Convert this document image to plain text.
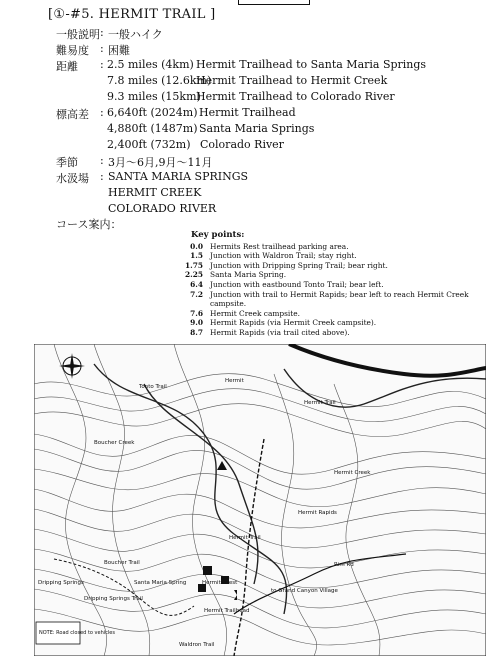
[①-#5. HERMIT TRAIL ]
一般説明 : 一般ハイク
難易度 : 困難
距離 : 2.5 miles (4km) Hermit Trailhead to Santa Maria Springs
7.8 miles (12.6km)
Hermit Trailhead to Hermit Creek
9.3 miles (15km)
Hermit Trailhead to Colorado River
標高差 : 6,640ft (2024m) Hermit Trailhead
4,880ft (1487m) Santa Maria Springs
2,400ft (732m) Colorado River
季節 : 3月～6月,9月～11月
水汲場 : SANTA MARIA SPRINGS
HERMIT CREEK
COLORADO RIVER
コース案内：
Key points:
0.0 Hermits Rest trailhead parking area.
1.5 Junction with Waldron Trail; stay right.
1.75 Junction with Dripping Spring Trail; bear right.
2.25 Santa Maria Spring.
6.4 Junction with eastbound Tonto Trail; bear left.
7.2 Junction with trail to Hermit Rapids; bear left to reach Hermit Creek campsite.
7.6 Hermit Creek campsite.
9.0 Hermit Rapids (via Hermit Creek campsite).
8.7 Hermit Rapids (via trail cited above).
Hermit
Tonto Trail
Hermit Trail
Boucher Creek
Boucher Trail
Hermit Rapids
Hermit Trail
Dripping Springs
Dripping Springs Trail
Santa Maria Spring	Hermits Rest
Hermit Trailhead
to Grand Canyon Village
Waldron Trail
Hermit Creek
Rim Rd
NOTE: Road closed to vehicles
